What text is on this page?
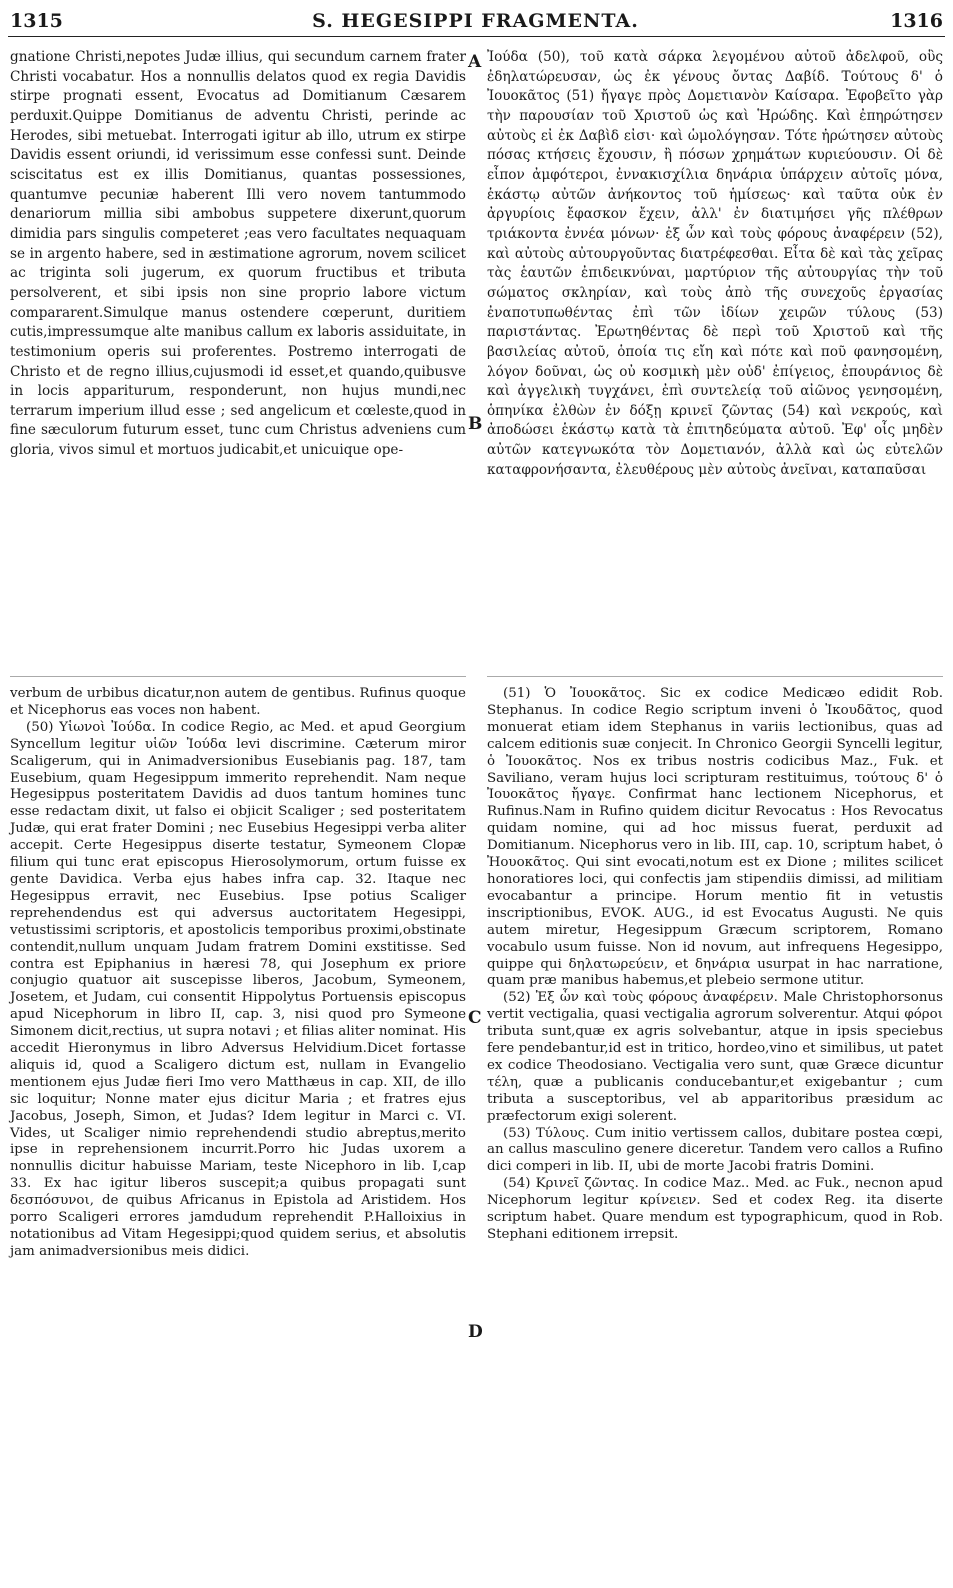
1315	S. HEGESIPPI FRAGMENTA.	1316

gnatione Christi,nepotes Judæ illius, qui secundum carnem frater Christi vocabatur. Hos a nonnullis delatos quod ex regia Davidis stirpe prognati essent, Evocatus ad Domitianum Cæsarem perduxit.Quippe Domitianus de adventu Christi, perinde ac Herodes, sibi metuebat. Interrogati igitur ab illo, utrum ex stirpe Davidis essent oriundi, id verissimum esse confessi sunt. Deinde sciscitatus est ex illis Domitianus, quantas possessiones, quantumve pecuniæ haberent Illi vero novem tantummodo denariorum millia sibi ambobus suppetere dixerunt,quorum dimidia pars singulis competeret ;eas vero facultates nequaquam se in argento habere, sed in æstimatione agrorum, novem scilicet ac triginta soli jugerum, ex quorum fructibus et tributa persolverent, et sibi ipsis non sine proprio labore victum compararent.Simulque manus ostendere cœperunt, duritiem cutis,impressumque alte manibus callum ex laboris assiduitate, in testimonium operis sui proferentes. Postremo interrogati de Christo et de regno illius,cujusmodi id esset,et quando,quibusve in locis appariturum, responderunt, non hujus mundi,nec terrarum imperium illud esse ; sed angelicum et cœleste,quod in fine sæculorum futurum esset, tunc cum Christus adveniens cum gloria, vivos simul et mortuos judicabit,et unicuique ope-

A
B
C
D

Ἰούδα (50), τοῦ κατὰ σάρκα λεγομένου αὐτοῦ ἀδελφοῦ, οὓς ἐδηλατώρευσαν, ὡς ἐκ γένους ὄντας Δαβίδ. Τούτους δ' ὁ Ἰουοκᾶτος (51) ἤγαγε πρὸς Δομετιανὸν Καίσαρα. Ἐφοβεῖτο γὰρ τὴν παρουσίαν τοῦ Χριστοῦ ὡς καὶ Ἡρώδης. Καὶ ἐπηρώτησεν αὐτοὺς εἰ ἐκ Δαβὶδ εἰσι· καὶ ὡμολόγησαν. Τότε ἠρώτησεν αὐτοὺς πόσας κτήσεις ἔχουσιν, ἢ πόσων χρημάτων κυριεύουσιν. Οἱ δὲ εἶπον ἀμφότεροι, ἐννακισχίλια δηνάρια ὑπάρχειν αὐτοῖς μόνα, ἑκάστῳ αὐτῶν ἀνήκοντος τοῦ ἡμίσεως· καὶ ταῦτα οὐκ ἐν ἀργυρίοις ἔφασκον ἔχειν, ἀλλ' ἐν διατιμήσει γῆς πλέθρων τριάκοντα ἐννέα μόνων· ἐξ ὧν καὶ τοὺς φόρους ἀναφέρειν (52), καὶ αὐτοὺς αὐτουργοῦντας διατρέφεσθαι. Εἶτα δὲ καὶ τὰς χεῖρας τὰς ἑαυτῶν ἐπιδεικνύναι, μαρτύριον τῆς αὐτουργίας τὴν τοῦ σώματος σκληρίαν, καὶ τοὺς ἀπὸ τῆς συνεχοῦς ἐργασίας ἐναποτυπωθέντας ἐπὶ τῶν ἰδίων χειρῶν τύλους (53) παριστάντας. Ἐρωτηθέντας δὲ περὶ τοῦ Χριστοῦ καὶ τῆς βασιλείας αὐτοῦ, ὁποία τις εἴη καὶ πότε καὶ ποῦ φανησομένη, λόγον δοῦναι, ὡς οὐ κοσμικὴ μὲν οὐδ' ἐπίγειος, ἐπουράνιος δὲ καὶ ἀγγελικὴ τυγχάνει, ἐπὶ συντελείᾳ τοῦ αἰῶνος γενησομένη, ὁπηνίκα ἐλθὼν ἐν δόξῃ κρινεῖ ζῶντας (54) καὶ νεκρούς, καὶ ἀποδώσει ἑκάστῳ κατὰ τὰ ἐπιτηδεύματα αὐτοῦ. Ἐφ' οἷς μηδὲν αὐτῶν κατεγνωκότα τὸν Δομετιανόν, ἀλλὰ καὶ ὡς εὐτελῶν καταφρονήσαντα, ἐλευθέρους μὲν αὐτοὺς ἀνεῖναι, καταπαῦσαι

verbum de urbibus dicatur,non autem de gentibus. Rufinus quoque et Nicephorus eas voces non habent.

(50) Υἱωνοὶ Ἰούδα. In codice Regio, ac Med. et apud Georgium Syncellum legitur υἱῶν Ἰούδα levi discrimine. Cæterum miror Scaligerum, qui in Animadversionibus Eusebianis pag. 187, tam Eusebium, quam Hegesippum immerito reprehendit. Nam neque Hegesippus posteritatem Davidis ad duos tantum homines tunc esse redactam dixit, ut falso ei objicit Scaliger ; sed posteritatem Judæ, qui erat frater Domini ; nec Eusebius Hegesippi verba aliter accepit. Certe Hegesippus diserte testatur, Symeonem Clopæ filium qui tunc erat episcopus Hierosolymorum, ortum fuisse ex gente Davidica. Verba ejus habes infra cap. 32. Itaque nec Hegesippus erravit, nec Eusebius. Ipse potius Scaliger reprehendendus est qui adversus auctoritatem Hegesippi, vetustissimi scriptoris, et apostolicis temporibus proximi,obstinate contendit,nullum unquam Judam fratrem Domini exstitisse. Sed contra est Epiphanius in hæresi 78, qui Josephum ex priore conjugio quatuor ait suscepisse liberos, Jacobum, Symeonem, Josetem, et Judam, cui consentit Hippolytus Portuensis episcopus apud Nicephorum in libro II, cap. 3, nisi quod pro Symeone Simonem dicit,rectius, ut supra notavi ; et filias aliter nominat. His accedit Hieronymus in libro Adversus Helvidium.Dicet fortasse aliquis id, quod a Scaligero dictum est, nullam in Evangelio mentionem ejus Judæ fieri Imo vero Matthæus in cap. XII, de illo sic loquitur; Nonne mater ejus dicitur Maria ; et fratres ejus Jacobus, Joseph, Simon, et Judas? Idem legitur in Marci c. VI. Vides, ut Scaliger nimio reprehendendi studio abreptus,merito ipse in reprehensionem incurrit.Porro hic Judas uxorem a nonnullis dicitur habuisse Mariam, teste Nicephoro in lib. I,cap 33. Ex hac igitur liberos suscepit;a quibus propagati sunt δεσπόσυνοι, de quibus Africanus in Epistola ad Aristidem. Hos porro Scaligeri errores jamdudum reprehendit P.Halloixius in notationibus ad Vitam Hegesippi;quod quidem serius, et absolutis jam animadversionibus meis didici.

(51) Ὁ Ἰουοκᾶτος. Sic ex codice Medicæo edidit Rob. Stephanus. In codice Regio scriptum inveni ὁ Ἰκουδᾶτος, quod monuerat etiam idem Stephanus in variis lectionibus, quas ad calcem editionis suæ conjecit. In Chronico Georgii Syncelli legitur, ὁ Ἰουοκᾶτος. Nos ex tribus nostris codicibus Maz., Fuk. et Saviliano, veram hujus loci scripturam restituimus, τούτους δ' ὁ Ἰουοκᾶτος ἤγαγε. Confirmat hanc lectionem Nicephorus, et Rufinus.Nam in Rufino quidem dicitur Revocatus : Hos Revocatus quidam nomine, qui ad hoc missus fuerat, perduxit ad Domitianum. Nicephorus vero in lib. III, cap. 10, scriptum habet, ὁ Ἠουοκᾶτος. Qui sint evocati,notum est ex Dione ; milites scilicet honoratiores loci, qui confectis jam stipendiis dimissi, ad militiam evocabantur a principe. Horum mentio fit in vetustis inscriptionibus, EVOK. AUG., id est Evocatus Augusti. Ne quis autem miretur, Hegesippum Græcum scriptorem, Romano vocabulo usum fuisse. Non id novum, aut infrequens Hegesippo, quippe qui δηλατωρεύειν, et δηνάρια usurpat in hac narratione, quam præ manibus habemus,et plebeio sermone utitur.

(52) Ἐξ ὧν καὶ τοὺς φόρους ἀναφέρειν. Male Christophorsonus vertit vectigalia, quasi vectigalia agrorum solverentur. Atqui φόροι tributa sunt,quæ ex agris solvebantur, atque in ipsis speciebus fere pendebantur,id est in tritico, hordeo,vino et similibus, ut patet ex codice Theodosiano. Vectigalia vero sunt, quæ Græce dicuntur τέλη, quæ a publicanis conducebantur,et exigebantur ; cum tributa a susceptoribus, vel ab apparitoribus præsidum ac præfectorum exigi solerent.

(53) Τύλους. Cum initio vertissem callos, dubitare postea cœpi, an callus masculino genere diceretur. Tandem vero callos a Rufino dici comperi in lib. II, ubi de morte Jacobi fratris Domini.

(54) Κρινεῖ ζῶντας. In codice Maz.. Med. ac Fuk., necnon apud Nicephorum legitur κρίνειεν. Sed et codex Reg. ita diserte scriptum habet. Quare mendum est typographicum, quod in Rob. Stephani editionem irrepsit.
